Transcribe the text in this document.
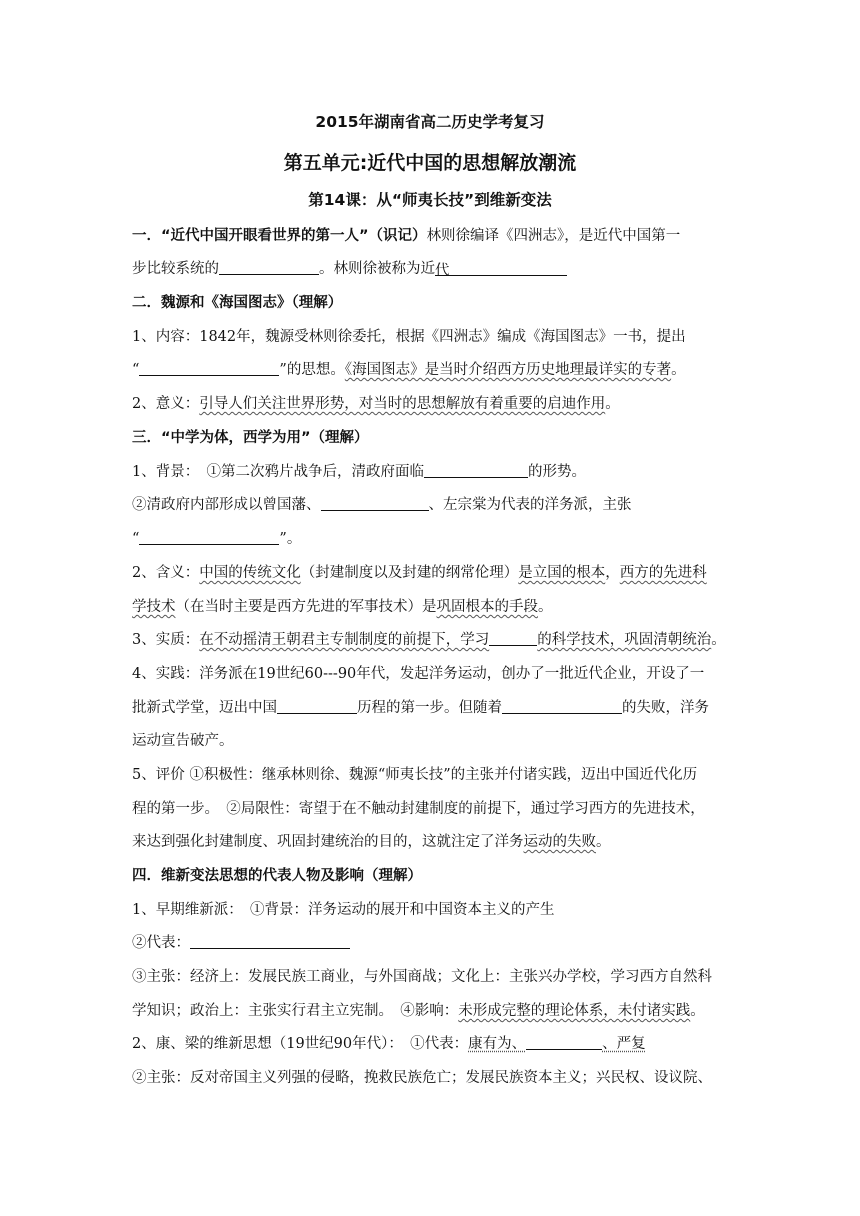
2015年湖南省高二历史学考复习
第五单元:近代中国的思想解放潮流
第14课：从“师夷长技”到维新变法
一．“近代中国开眼看世界的第一人”（识记）林则徐编译《四洲志》，是近代中国第一
步比较系统的	。林则徐被称为近代
二．魏源和《海国图志》（理解）
1、内容：1842年，魏源受林则徐委托，根据《四洲志》编成《海国图志》一书，提出
“	”的思想。《海国图志》是当时介绍西方历史地理最详实的专著。
2、意义：引导人们关注世界形势，对当时的思想解放有着重要的启迪作用。
三．“中学为体，西学为用”（理解）
1、背景：　①第二次鸦片战争后，清政府面临	的形势。
②清政府内部形成以曾国藩、	、左宗棠为代表的洋务派，主张
“	”。
2、含义：中国的传统文化（封建制度以及封建的纲常伦理）是立国的根本，西方的先进科
学技术（在当时主要是西方先进的军事技术）是巩固根本的手段。
3、实质：在不动摇清王朝君主专制制度的前提下，学习	的科学技术，巩固清朝统治。
4、实践：洋务派在19世纪60---90年代，发起洋务运动，创办了一批近代企业，开设了一
批新式学堂，迈出中国	历程的第一步。但随着	的失败，洋务
运动宣告破产。
5、评价 ①积极性：继承林则徐、魏源“师夷长技”的主张并付诸实践，迈出中国近代化历
程的第一步。　②局限性：寄望于在不触动封建制度的前提下，通过学习西方的先进技术，
来达到强化封建制度、巩固封建统治的目的，这就注定了洋务运动的失败。
四．维新变法思想的代表人物及影响（理解）
1、早期维新派：　①背景：洋务运动的展开和中国资本主义的产生
②代表：
③主张：经济上：发展民族工商业，与外国商战；文化上：主张兴办学校，学习西方自然科
学知识；政治上：主张实行君主立宪制。　④影响：未形成完整的理论体系，未付诸实践。
2、康、梁的维新思想（19世纪90年代）：　①代表：康有为、	、严复
②主张：反对帝国主义列强的侵略，挽救民族危亡；发展民族资本主义；兴民权、设议院、
